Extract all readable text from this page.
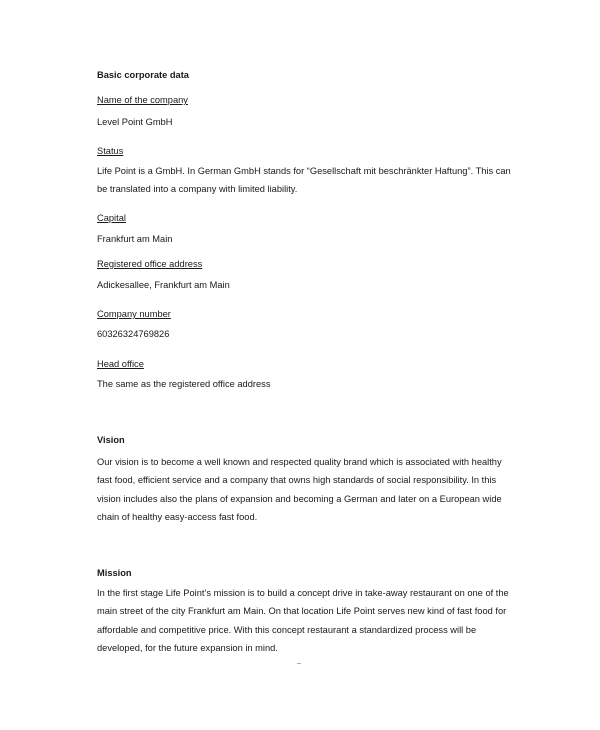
Basic corporate data

Name of the company

Level Point GmbH

Status

Life Point is a GmbH. In German GmbH stands for “Gesellschaft mit beschränkter Haftung”. This can
be translated into a company with limited liability.

Capital

Frankfurt am Main

Registered office address

Adickesallee, Frankfurt am Main

Company number

60326324769826

Head office

The same as the registered office address

Vision

Our vision is to become a well known and respected quality brand which is associated with healthy
fast food, efficient service and a company that owns high standards of social responsibility. In this
vision includes also the plans of expansion and becoming a German and later on a European wide
chain of healthy easy-access fast food.

Mission

In the first stage Life Point’s mission is to build a concept drive in take-away restaurant on one of the
main street of the city Frankfurt am Main. On that location Life Point serves new kind of fast food for
affordable and competitive price. With this concept restaurant a standardized process will be
developed, for the future expansion in mind.
–
